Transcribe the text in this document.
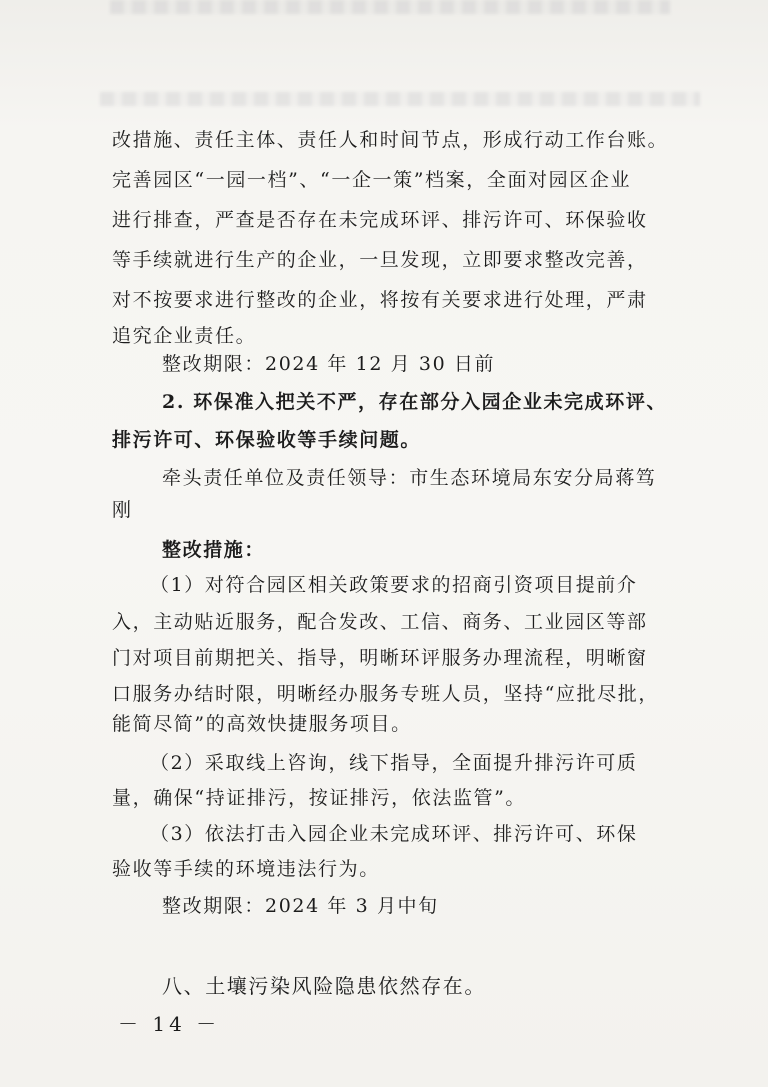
改措施、责任主体、责任人和时间节点，形成行动工作台账。
完善园区“一园一档”、“一企一策”档案，全面对园区企业
进行排查，严查是否存在未完成环评、排污许可、环保验收
等手续就进行生产的企业，一旦发现，立即要求整改完善，
对不按要求进行整改的企业，将按有关要求进行处理，严肃
追究企业责任。
整改期限：2024 年 12 月 30 日前
2. 环保准入把关不严，存在部分入园企业未完成环评、
排污许可、环保验收等手续问题。
牵头责任单位及责任领导：市生态环境局东安分局蒋笃
刚
整改措施：
（1）对符合园区相关政策要求的招商引资项目提前介
入，主动贴近服务，配合发改、工信、商务、工业园区等部
门对项目前期把关、指导，明晰环评服务办理流程，明晰窗
口服务办结时限，明晰经办服务专班人员，坚持“应批尽批，
能简尽简”的高效快捷服务项目。
（2）采取线上咨询，线下指导，全面提升排污许可质
量，确保“持证排污，按证排污，依法监管”。
（3）依法打击入园企业未完成环评、排污许可、环保
验收等手续的环境违法行为。
整改期限：2024 年 3 月中旬
八、土壤污染风险隐患依然存在。
－ 14 －
